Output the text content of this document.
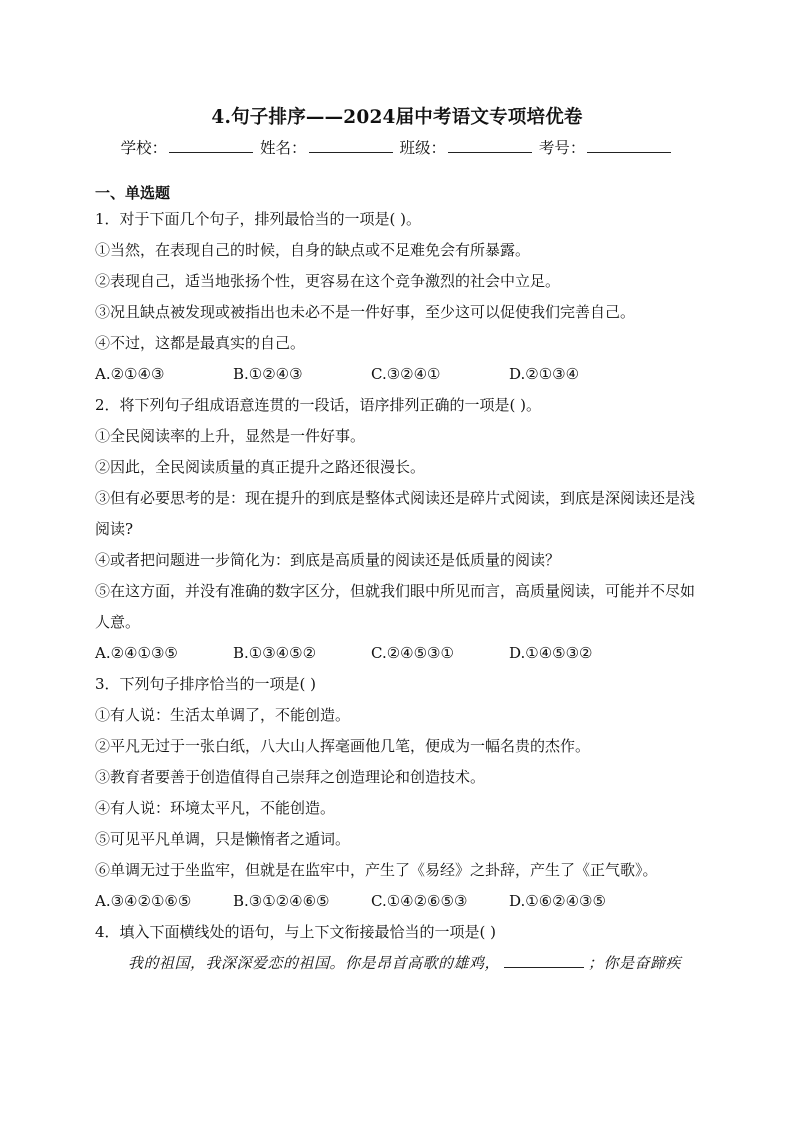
4.句子排序——2024届中考语文专项培优卷
学校：	姓名：	班级：	考号：
一、单选题
1．对于下面几个句子，排列最恰当的一项是( )。
①当然，在表现自己的时候，自身的缺点或不足难免会有所暴露。
②表现自己，适当地张扬个性，更容易在这个竞争激烈的社会中立足。
③况且缺点被发现或被指出也未必不是一件好事，至少这可以促使我们完善自己。
④不过，这都是最真实的自己。
A.②①④③	B.①②④③	C.③②④①	D.②①③④
2．将下列句子组成语意连贯的一段话，语序排列正确的一项是( )。
①全民阅读率的上升，显然是一件好事。
②因此，全民阅读质量的真正提升之路还很漫长。
③但有必要思考的是：现在提升的到底是整体式阅读还是碎片式阅读，到底是深阅读还是浅阅读?
④或者把问题进一步简化为：到底是高质量的阅读还是低质量的阅读？
⑤在这方面，并没有准确的数字区分，但就我们眼中所见而言，高质量阅读，可能并不尽如人意。
A.②④①③⑤	B.①③④⑤②	C.②④⑤③①	D.①④⑤③②
3．下列句子排序恰当的一项是( )
①有人说：生活太单调了，不能创造。
②平凡无过于一张白纸，八大山人挥毫画他几笔，便成为一幅名贵的杰作。
③教育者要善于创造值得自己崇拜之创造理论和创造技术。
④有人说：环境太平凡，不能创造。
⑤可见平凡单调，只是懒惰者之遁词。
⑥单调无过于坐监牢，但就是在监牢中，产生了《易经》之卦辞，产生了《正气歌》。
A.③④②①⑥⑤	B.③①②④⑥⑤	C.①④②⑥⑤③	D.①⑥②④③⑤
4．填入下面横线处的语句，与上下文衔接最恰当的一项是( )
我的祖国，我深深爱恋的祖国。你是昂首高歌的雄鸡，	；你是奋蹄疾
